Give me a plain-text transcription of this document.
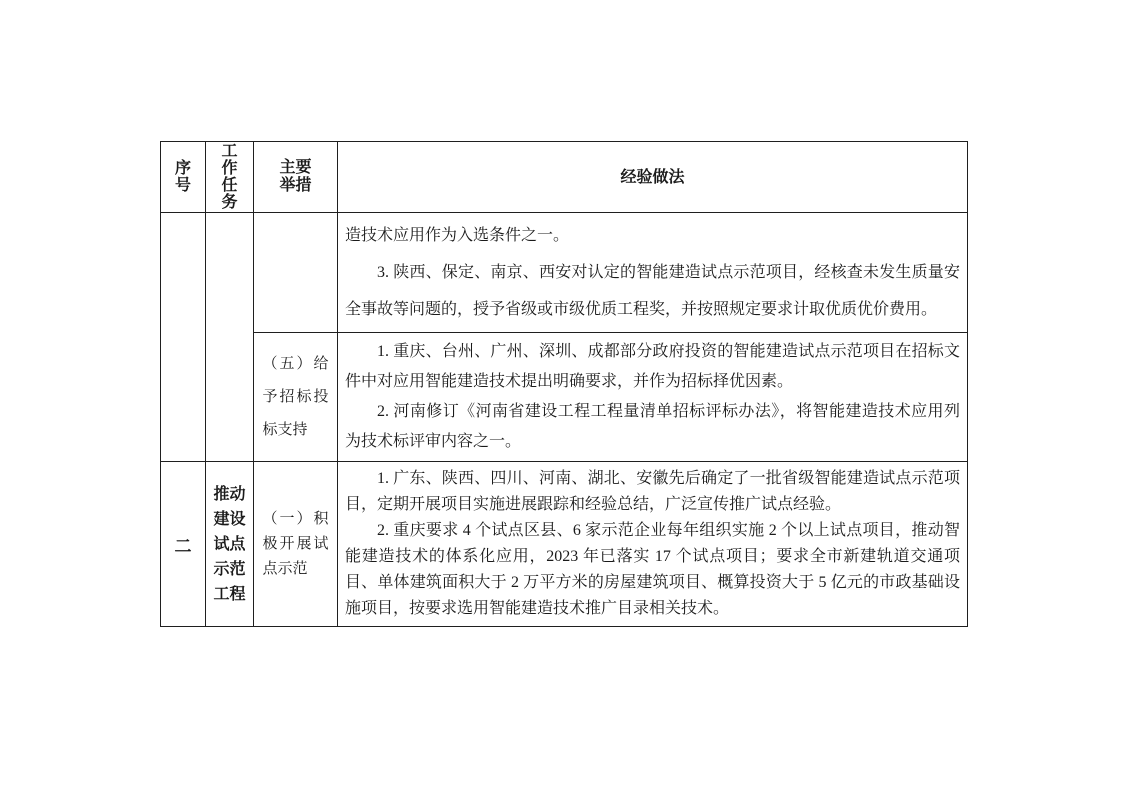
序号	工作任务	主要举措	经验做法

			造技术应用作为入选条件之一。

3. 陕西、保定、南京、西安对认定的智能建造试点示范项目，经核查未发生质量安全事故等问题的，授予省级或市级优质工程奖，并按照规定要求计取优质优价费用。

		（五）给予招标投标支持	1. 重庆、台州、广州、深圳、成都部分政府投资的智能建造试点示范项目在招标文件中对应用智能建造技术提出明确要求，并作为招标择优因素。

2. 河南修订《河南省建设工程工程量清单招标评标办法》，将智能建造技术应用列为技术标评审内容之一。

二	推动建设试点示范工程	（一）积极开展试点示范	1. 广东、陕西、四川、河南、湖北、安徽先后确定了一批省级智能建造试点示范项目，定期开展项目实施进展跟踪和经验总结，广泛宣传推广试点经验。

2. 重庆要求 4 个试点区县、6 家示范企业每年组织实施 2 个以上试点项目，推动智能建造技术的体系化应用，2023 年已落实 17 个试点项目；要求全市新建轨道交通项目、单体建筑面积大于 2 万平方米的房屋建筑项目、概算投资大于 5 亿元的市政基础设施项目，按要求选用智能建造技术推广目录相关技术。
